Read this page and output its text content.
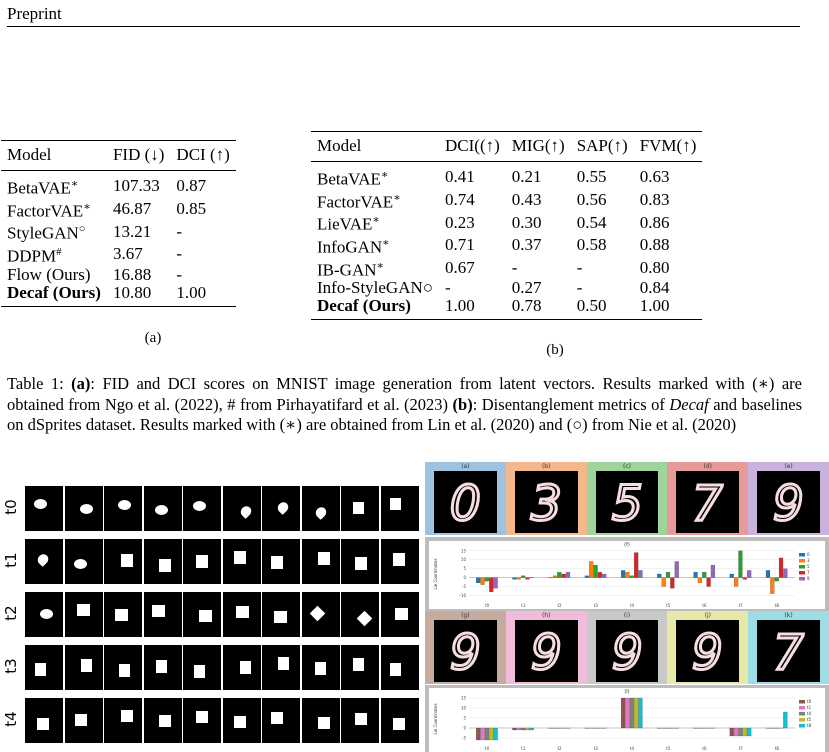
Preprint
Model	FID (↓)	DCI (↑)
BetaVAE∗	107.33	0.87
FactorVAE∗	46.87	0.85
StyleGAN○	13.21	-
DDPM#	3.67	-
Flow (Ours)	16.88	-
Decaf (Ours)	10.80	1.00
(a)
Model	DCI((↑)	MIG(↑)	SAP(↑)	FVM(↑)
BetaVAE∗	0.41	0.21	0.55	0.63
FactorVAE∗	0.74	0.43	0.56	0.83
LieVAE∗	0.23	0.30	0.54	0.86
InfoGAN∗	0.71	0.37	0.58	0.88
IB-GAN∗	0.67	-	-	0.80
Info-StyleGAN○	-	0.27	-	0.84
Decaf (Ours)	1.00	0.78	0.50	1.00
(b)
Table 1: (a): FID and DCI scores on MNIST image generation from latent vectors. Results marked with (∗) are obtained from Ngo et al. (2022), # from Pirhayatifard et al. (2023) (b): Disentanglement metrics of Decaf and baselines on dSprites dataset. Results marked with (∗) are obtained from Lin et al. (2020) and (○) from Nie et al. (2020)
t0
t1
t2
t3
t4
(f)
Lie Coordinates
15
10
5
0
-5
-10
t0	t1	t2	t3	t4	t5	t6	t7	t8
0
3
5
7
9
(l)
Lie Coordinates
15
10
5
0
-5
t0	t1	t2	t3	t4	t5	t6	t7	t8
t0
t1
t4
t5
t8
(a)
0
(b)
3
(c)
5
(d)
7
(e)
9
(g)
9
(h)
9
(i)
9
(j)
9
(k)
7
